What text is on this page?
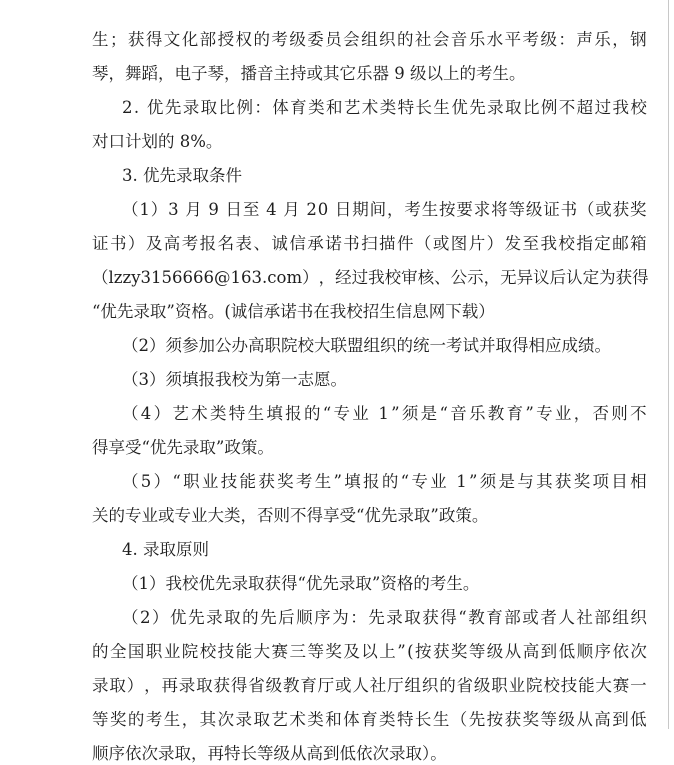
生 ； 获 得 文 化 部 授 权 的 考 级 委 员 会 组 织 的 社 会 音 乐 水 平 考 级 ： 声 乐 ， 钢
琴，舞蹈，电子琴，播音主持或其它乐器 9 级以上的考生。
2 . 优 先 录 取 比 例 ： 体 育 类 和 艺 术 类 特 长 生 优 先 录 取 比 例 不 超 过 我 校
对口计划的 8%。
3. 优先录取条件
（ 1 ） 3 月 9 日 至 4 月 2 0 日 期 间 ， 考 生 按 要 求 将 等 级 证 书 （ 或 获 奖
证 书 ） 及 高 考 报 名 表 、 诚 信 承 诺 书 扫 描 件 （ 或 图 片 ） 发 至 我 校 指 定 邮 箱
（ l z z y 3 1 5 6 6 6 6 @ 1 6 3 . c o m ） ， 经 过 我 校 审 核 、 公 示 ， 无 异 议 后 认 定 为 获 得
“优先录取”资格。(诚信承诺书在我校招生信息网下载）
（2）须参加公办高职院校大联盟组织的统一考试并取得相应成绩。
（3）须填报我校为第一志愿。
（ 4 ） 艺 术 类 特 生 填 报 的 “ 专 业 1 ” 须 是 “ 音 乐 教 育 ” 专 业 ， 否 则 不
得享受“优先录取”政策。
（ 5 ） “ 职 业 技 能 获 奖 考 生 ” 填 报 的 “ 专 业 1 ” 须 是 与 其 获 奖 项 目 相
关的专业或专业大类，否则不得享受“优先录取”政策。
4. 录取原则
（1）我校优先录取获得“优先录取”资格的考生。
（ 2 ） 优 先 录 取 的 先 后 顺 序 为 ： 先 录 取 获 得 “ 教 育 部 或 者 人 社 部 组 织
的 全 国 职 业 院 校 技 能 大 赛 三 等 奖 及 以 上 ” ( 按 获 奖 等 级 从 高 到 低 顺 序 依 次
录 取 ） ， 再 录 取 获 得 省 级 教 育 厅 或 人 社 厅 组 织 的 省 级 职 业 院 校 技 能 大 赛 一
等 奖 的 考 生 ， 其 次 录 取 艺 术 类 和 体 育 类 特 长 生 （ 先 按 获 奖 等 级 从 高 到 低
顺序依次录取，再特长等级从高到低依次录取）。
